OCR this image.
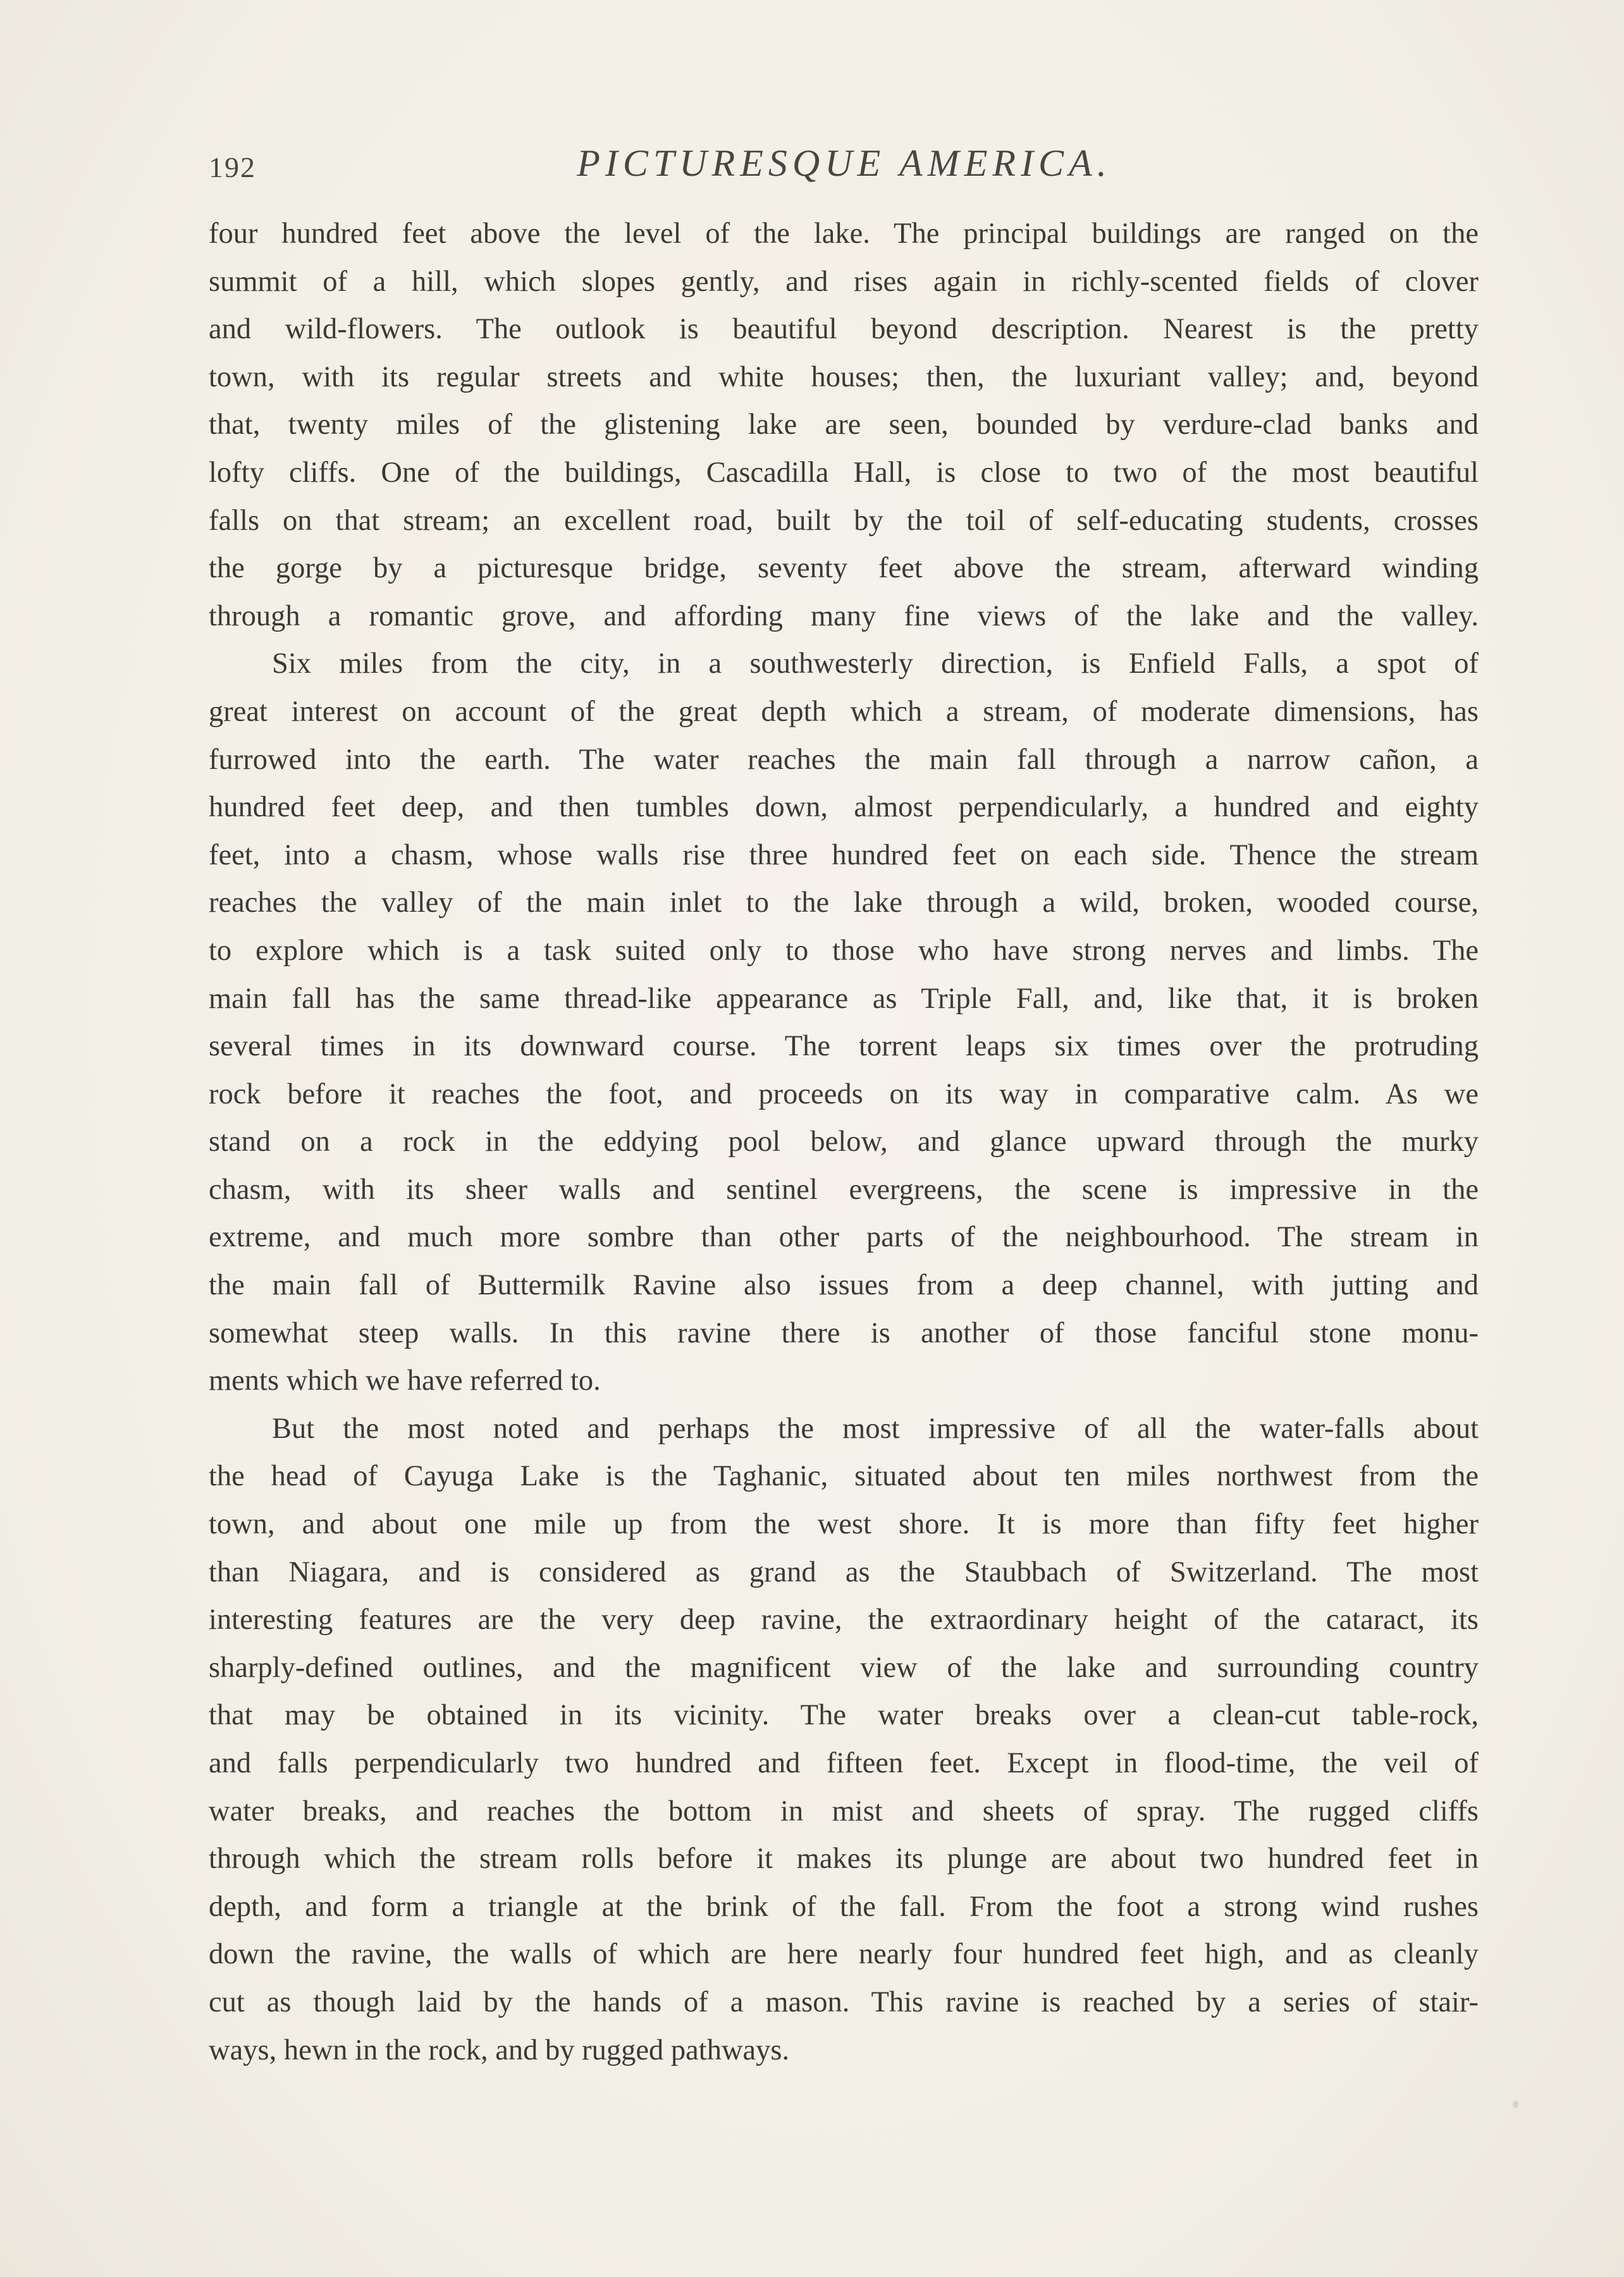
192	PICTURESQUE AMERICA.

four hundred feet above the level of the lake. The principal buildings are ranged on the

summit of a hill, which slopes gently, and rises again in richly-scented fields of clover

and wild-flowers. The outlook is beautiful beyond description. Nearest is the pretty

town, with its regular streets and white houses; then, the luxuriant valley; and, beyond

that, twenty miles of the glistening lake are seen, bounded by verdure-clad banks and

lofty cliffs. One of the buildings, Cascadilla Hall, is close to two of the most beautiful

falls on that stream; an excellent road, built by the toil of self-educating students, crosses

the gorge by a picturesque bridge, seventy feet above the stream, afterward winding

through a romantic grove, and affording many fine views of the lake and the valley.

Six miles from the city, in a southwesterly direction, is Enfield Falls, a spot of

great interest on account of the great depth which a stream, of moderate dimensions, has

furrowed into the earth. The water reaches the main fall through a narrow cañon, a

hundred feet deep, and then tumbles down, almost perpendicularly, a hundred and eighty

feet, into a chasm, whose walls rise three hundred feet on each side. Thence the stream

reaches the valley of the main inlet to the lake through a wild, broken, wooded course,

to explore which is a task suited only to those who have strong nerves and limbs. The

main fall has the same thread-like appearance as Triple Fall, and, like that, it is broken

several times in its downward course. The torrent leaps six times over the protruding

rock before it reaches the foot, and proceeds on its way in comparative calm. As we

stand on a rock in the eddying pool below, and glance upward through the murky

chasm, with its sheer walls and sentinel evergreens, the scene is impressive in the

extreme, and much more sombre than other parts of the neighbourhood. The stream in

the main fall of Buttermilk Ravine also issues from a deep channel, with jutting and

somewhat steep walls. In this ravine there is another of those fanciful stone monu-

ments which we have referred to.

But the most noted and perhaps the most impressive of all the water-falls about

the head of Cayuga Lake is the Taghanic, situated about ten miles northwest from the

town, and about one mile up from the west shore. It is more than fifty feet higher

than Niagara, and is considered as grand as the Staubbach of Switzerland. The most

interesting features are the very deep ravine, the extraordinary height of the cataract, its

sharply-defined outlines, and the magnificent view of the lake and surrounding country

that may be obtained in its vicinity. The water breaks over a clean-cut table-rock,

and falls perpendicularly two hundred and fifteen feet. Except in flood-time, the veil of

water breaks, and reaches the bottom in mist and sheets of spray. The rugged cliffs

through which the stream rolls before it makes its plunge are about two hundred feet in

depth, and form a triangle at the brink of the fall. From the foot a strong wind rushes

down the ravine, the walls of which are here nearly four hundred feet high, and as cleanly

cut as though laid by the hands of a mason. This ravine is reached by a series of stair-

ways, hewn in the rock, and by rugged pathways.
